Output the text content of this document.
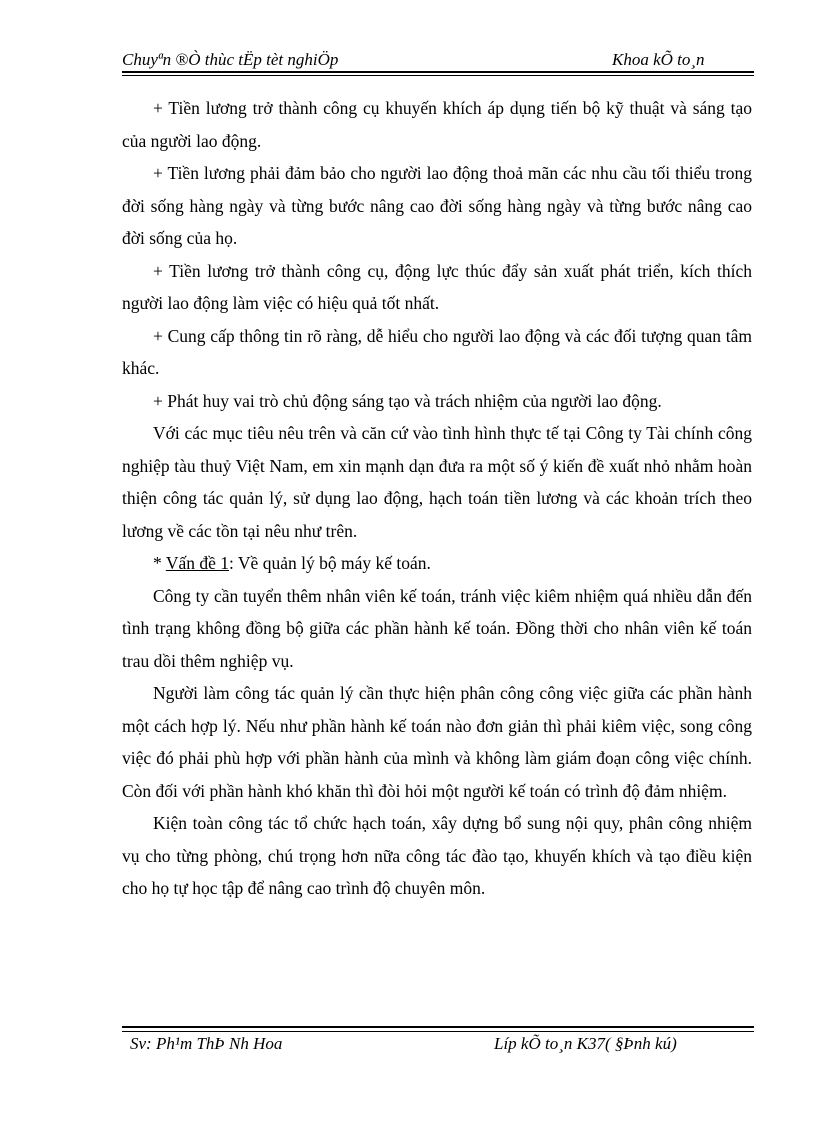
Chuyªn ®Ò thùc tËp tèt nghiÖp	Khoa kÕ to¸n

+ Tiền lương trở thành công cụ khuyến khích áp dụng tiến bộ kỹ thuật và sáng tạo của người lao động.

+ Tiền lương phải đảm bảo cho người lao động thoả mãn các nhu cầu tối thiểu trong đời sống hàng ngày và từng bước nâng cao đời sống hàng ngày và từng bước nâng cao đời sống của họ.

+ Tiền lương trở thành công cụ, động lực thúc đẩy sản xuất phát triển, kích thích người lao động làm việc có hiệu quả tốt nhất.

+ Cung cấp thông tin rõ ràng, dễ hiểu cho người lao động và các đối tượng quan tâm khác.

+ Phát huy vai trò chủ động sáng tạo và trách nhiệm của người lao động.

Với các mục tiêu nêu trên và căn cứ vào tình hình thực tế tại Công ty Tài chính công nghiệp tàu thuỷ Việt Nam, em xin mạnh dạn đưa ra một số ý kiến đề xuất nhỏ nhằm hoàn thiện công tác quản lý, sử dụng lao động, hạch toán tiền lương và các khoản trích theo lương về các tồn tại nêu như trên.

* Vấn đề 1: Về quản lý bộ máy kế toán.

Công ty cần tuyển thêm nhân viên kế toán, tránh việc kiêm nhiệm quá nhiều dẫn đến tình trạng không đồng bộ giữa các phần hành kế toán. Đồng thời cho nhân viên kế toán trau dồi thêm nghiệp vụ.

Người làm công tác quản lý cần thực hiện phân công công việc giữa các phần hành một cách hợp lý. Nếu như phần hành kế toán nào đơn giản thì phải kiêm việc, song công việc đó phải phù hợp với phần hành của mình và không làm giám đoạn công việc chính. Còn đối với phần hành khó khăn thì đòi hỏi một người kế toán có trình độ đảm nhiệm.

Kiện toàn công tác tổ chức hạch toán, xây dựng bổ sung nội quy, phân công nhiệm vụ cho từng phòng, chú trọng hơn nữa công tác đào tạo, khuyến khích và tạo điều kiện cho họ tự học tập để nâng cao trình độ chuyên môn.

Sv: Ph¹m ThÞ Nh Hoa	Líp kÕ to¸n K37( §Þnh kú)
